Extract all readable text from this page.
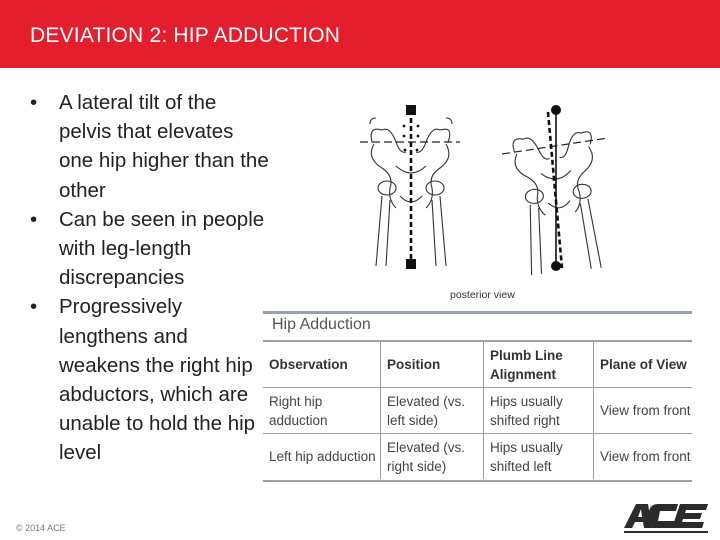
DEVIATION 2: HIP ADDUCTION
• A lateral tilt of the pelvis that elevates one hip higher than the other
• Can be seen in people with leg-length discrepancies
• Progressively lengthens and weakens the right hip abductors, which are unable to hold the hip level
posterior view
Hip Adduction
Observation	Position
Plumb Line Alignment
Plane of View
Right hip adduction
Elevated (vs. left side)
Hips usually shifted right
View from front
Left hip adduction
Elevated (vs. right side)
Hips usually shifted left
View from front
© 2014 ACE
